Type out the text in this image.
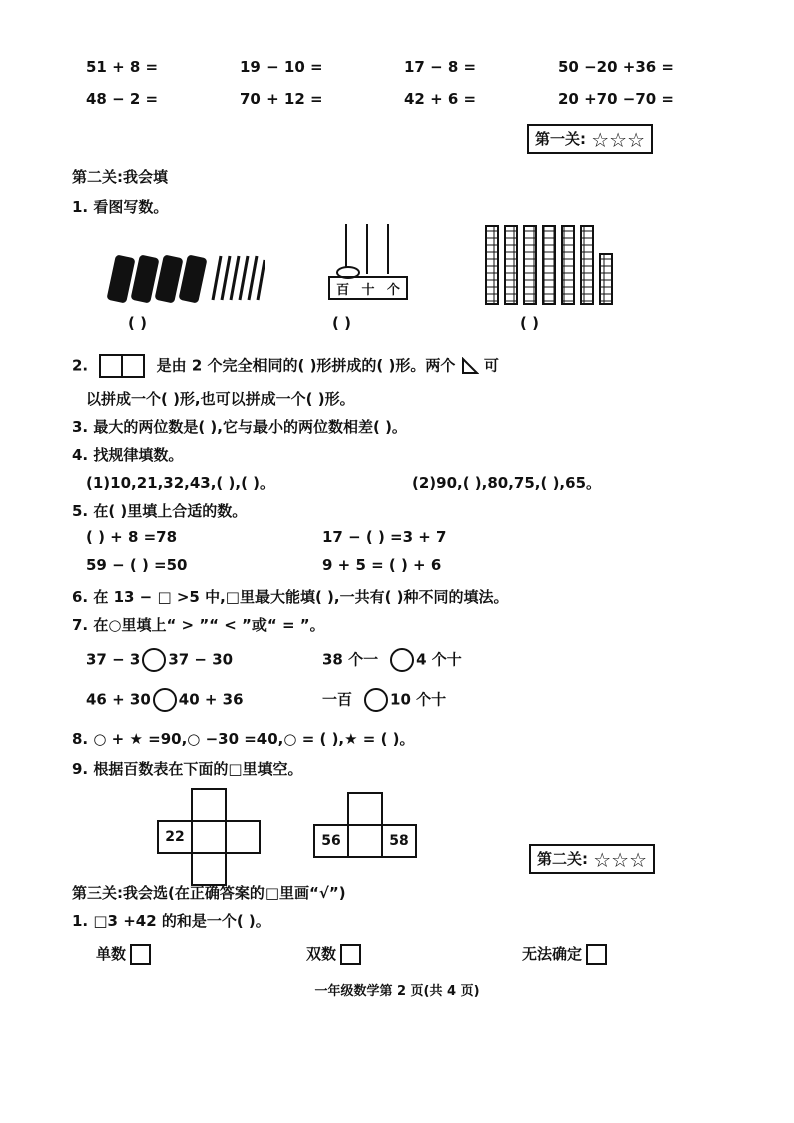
51 + 8 =	19 − 10 =	17 − 8 =	50 −20 +36 =
48 − 2 =	70 + 12 =	42 + 6 =	20 +70 −70 =
第一关: ☆☆☆
第二关:我会填
1. 看图写数。
( )
百 十 个
( )	( )
2.	是由 2 个完全相同的( )形拼成的( )形。两个 可
以拼成一个( )形,也可以拼成一个( )形。
3. 最大的两位数是( ),它与最小的两位数相差( )。
4. 找规律填数。
(1)10,21,32,43,( ),( )。	(2)90,( ),80,75,( ),65。
5. 在( )里填上合适的数。
( ) + 8 =78	17 − ( ) =3 + 7
59 − ( ) =50	9 + 5 = ( ) + 6
6. 在 13 − □ >5 中,□里最大能填( ),一共有( )种不同的填法。
7. 在○里填上“ > ”“ < ”或“ = ”。
37 − 3 37 − 30	38 个一	4 个十
46 + 30 40 + 36	一百	10 个十
8. ○ + ★ =90,○ −30 =40,○ = ( ),★ = ( )。
9. 根据百数表在下面的□里填空。
22	56	58
第二关: ☆☆☆
第三关:我会选(在正确答案的□里画“√”)
1. □3 +42 的和是一个( )。
单数	双数	无法确定
一年级数学第 2 页(共 4 页)
